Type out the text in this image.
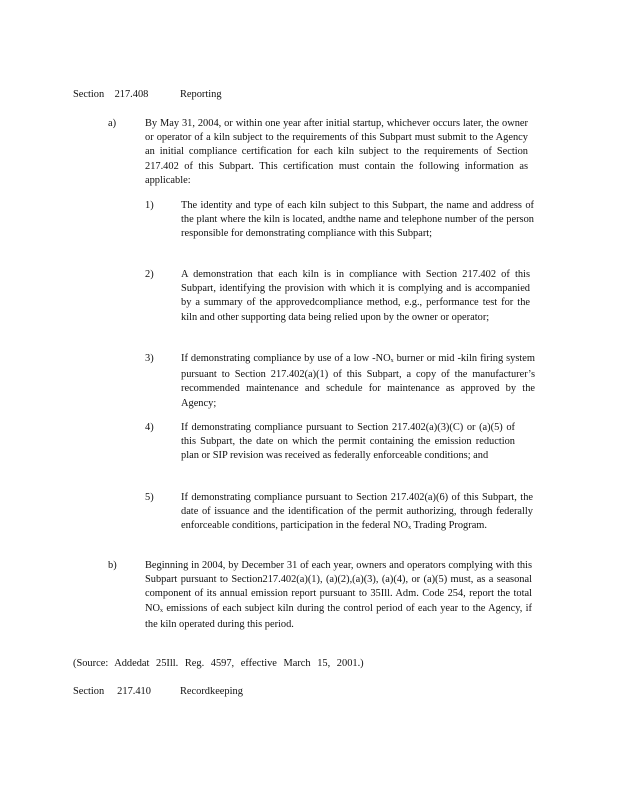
Section 217.408	Reporting
a)	By May 31, 2004, or within one year after initial startup, whichever occurs later, the owner or operator of a kiln subject to the requirements of this Subpart must submit to the Agency an initial compliance certification for each kiln subject to the requirements of Section 217.402 of this Subpart. This certification must contain the following information as applicable:
1)	The identity and type of each kiln subject to this Subpart, the name and address of the plant where the kiln is located, andthe name and telephone number of the person responsible for demonstrating compliance with this Subpart;
2)	A demonstration that each kiln is in compliance with Section 217.402 of this Subpart, identifying the provision with which it is complying and is accompanied by a summary of the approvedcompliance method, e.g., performance test for the kiln and other supporting data being relied upon by the owner or operator;
3)	If demonstrating compliance by use of a low $-NO_x$ burner or mid -kiln firing system pursuant to Section 217.402(a)(1) of this Subpart, a copy of the manufacturer’s recommended maintenance and schedule for maintenance as approved by the Agency;
4)	If demonstrating compliance pursuant to Section 217.402(a)(3)(C) or (a)(5) of this Subpart, the date on which the permit containing the emission reduction plan or SIP revision was received as federally enforceable conditions; and
5)	If demonstrating compliance pursuant to Section 217.402(a)(6) of this Subpart, the date of issuance and the identification of the permit authorizing, through federally enforceable conditions, participation in the federal $NO_x$ Trading Program.
b)	Beginning in 2004, by December 31 of each year, owners and operators complying with this Subpart pursuant to Section217.402(a)(1), (a)(2),(a)(3), (a)(4), or (a)(5) must, as a seasonal component of its annual emission report pursuant to 35Ill. Adm. Code 254, report the total $NO_x$ emissions of each subject kiln during the control period of each year to the Agency, if the kiln operated during this period.
(Source: Addedat 25Ill. Reg. 4597, effective March 15, 2001.)
Section 217.410	Recordkeeping
